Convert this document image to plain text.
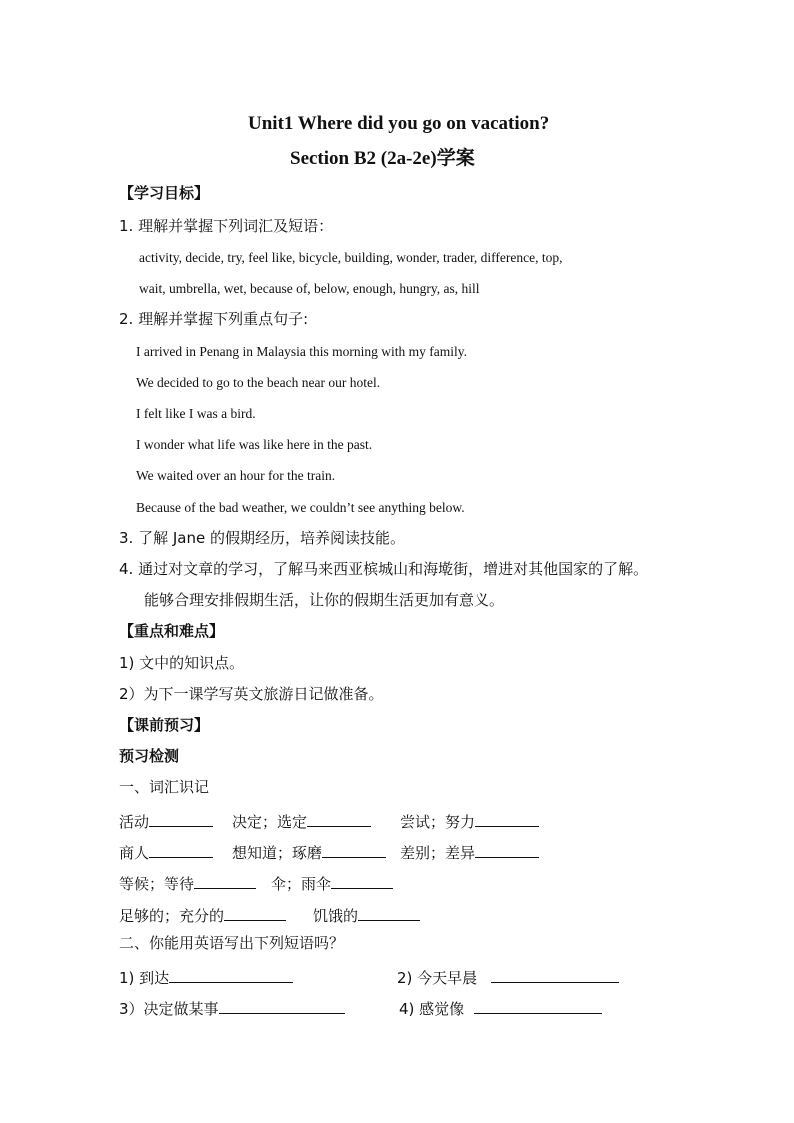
Unit1 Where did you go on vacation?
Section B2 (2a-2e)学案
【学习目标】
1. 理解并掌握下列词汇及短语：
activity, decide, try, feel like, bicycle, building, wonder, trader, difference, top,
wait, umbrella, wet, because of, below, enough, hungry, as, hill
2. 理解并掌握下列重点句子:
I arrived in Penang in Malaysia this morning with my family.
We decided to go to the beach near our hotel.
I felt like I was a bird.
I wonder what life was like here in the past.
We waited over an hour for the train.
Because of the bad weather, we couldn’t see anything below.
3. 了解 Jane 的假期经历，培养阅读技能。
4. 通过对文章的学习，了解马来西亚槟城山和海墘街，增进对其他国家的了解。
能够合理安排假期生活，让你的假期生活更加有意义。
【重点和难点】
1) 文中的知识点。
2）为下一课学写英文旅游日记做准备。
【课前预习】
预习检测
一、词汇识记
活动	决定；选定	尝试；努力
商人	想知道；琢磨	差别；差异
等候；等待	伞；雨伞
足够的；充分的	饥饿的
二、你能用英语写出下列短语吗？
1) 到达	2) 今天早晨
3）决定做某事	4) 感觉像
